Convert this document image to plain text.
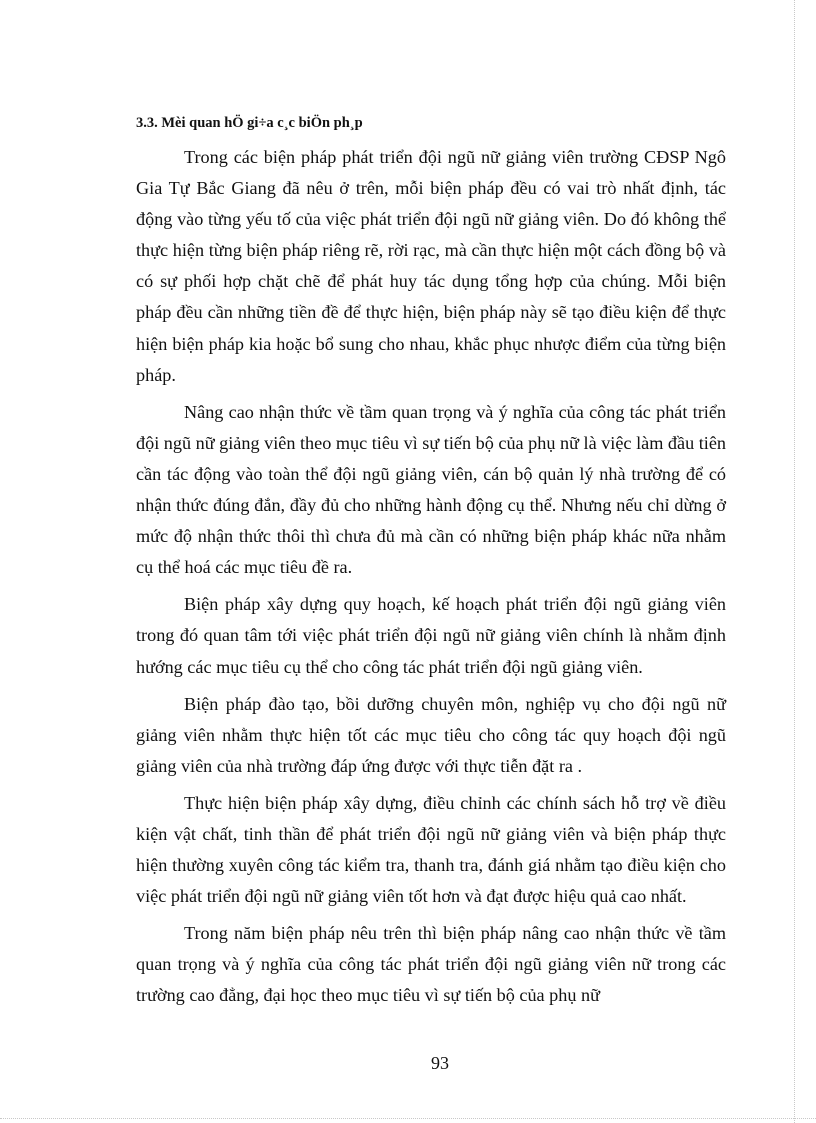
3.3. Mèi quan hÖ gi÷a c¸c biÖn ph¸p

Trong các biện pháp phát triển đội ngũ nữ giảng viên trường CĐSP Ngô Gia Tự Bắc Giang đã nêu ở trên, mỗi biện pháp đều có vai trò nhất định, tác động vào từng yếu tố của việc phát triển đội ngũ nữ giảng viên. Do đó không thể thực hiện từng biện pháp riêng rẽ, rời rạc, mà cần thực hiện một cách đồng bộ và có sự phối hợp chặt chẽ để phát huy tác dụng tổng hợp của chúng. Mỗi biện pháp đều cần những tiền đề để thực hiện, biện pháp này sẽ tạo điều kiện để thực hiện biện pháp kia hoặc bổ sung cho nhau, khắc phục nhược điểm của từng biện pháp.

Nâng cao nhận thức về tầm quan trọng và ý nghĩa của công tác phát triển đội ngũ nữ giảng viên theo mục tiêu vì sự tiến bộ của phụ nữ là việc làm đầu tiên cần tác động vào toàn thể đội ngũ giảng viên, cán bộ quản lý nhà trường để có nhận thức đúng đắn, đầy đủ cho những hành động cụ thể. Nhưng nếu chỉ dừng ở mức độ nhận thức thôi thì chưa đủ mà cần có những biện pháp khác nữa nhằm cụ thể hoá các mục tiêu đề ra.

Biện pháp xây dựng quy hoạch, kế hoạch phát triển đội ngũ giảng viên trong đó quan tâm tới việc phát triển đội ngũ nữ giảng viên chính là nhằm định hướng các mục tiêu cụ thể cho công tác phát triển đội ngũ giảng viên.

Biện pháp đào tạo, bồi dưỡng chuyên môn, nghiệp vụ cho đội ngũ nữ giảng viên nhằm thực hiện tốt các mục tiêu cho công tác quy hoạch đội ngũ giảng viên của nhà trường đáp ứng được với thực tiễn đặt ra .

Thực hiện biện pháp xây dựng, điều chỉnh các chính sách hỗ trợ về điều kiện vật chất, tinh thần để phát triển đội ngũ nữ giảng viên và biện pháp thực hiện thường xuyên công tác kiểm tra, thanh tra, đánh giá nhằm tạo điều kiện cho việc phát triển đội ngũ nữ giảng viên tốt hơn và đạt được hiệu quả cao nhất.

Trong năm biện pháp nêu trên thì biện pháp nâng cao nhận thức về tầm quan trọng và ý nghĩa của công tác phát triển đội ngũ giảng viên nữ trong các trường cao đẳng, đại học theo mục tiêu vì sự tiến bộ của phụ nữ

93
